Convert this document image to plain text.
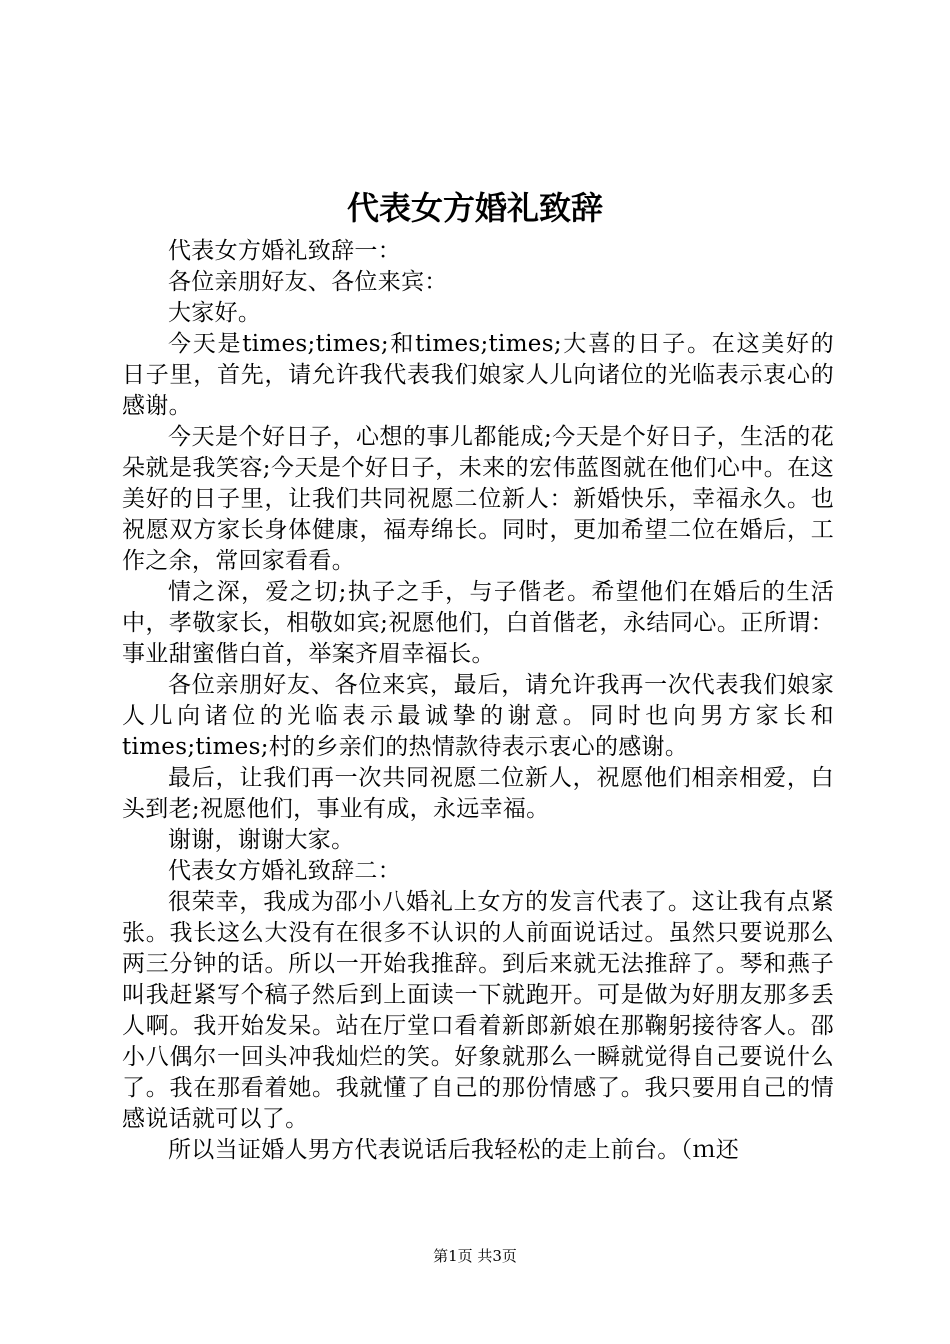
代表女方婚礼致辞

代表女方婚礼致辞一：

各位亲朋好友、各位来宾：

大家好。

今天是times;times;和times;times;大喜的日子。在这美好的日子里，首先，请允许我代表我们娘家人儿向诸位的光临表示衷心的感谢。

今天是个好日子，心想的事儿都能成;今天是个好日子，生活的花朵就是我笑容;今天是个好日子，未来的宏伟蓝图就在他们心中。在这美好的日子里，让我们共同祝愿二位新人：新婚快乐，幸福永久。也祝愿双方家长身体健康，福寿绵长。同时，更加希望二位在婚后，工作之余，常回家看看。

情之深，爱之切;执子之手，与子偕老。希望他们在婚后的生活中，孝敬家长，相敬如宾;祝愿他们，白首偕老，永结同心。正所谓：事业甜蜜偕白首，举案齐眉幸福长。

各位亲朋好友、各位来宾，最后，请允许我再一次代表我们娘家人儿向诸位的光临表示最诚挚的谢意。同时也向男方家长和times;times;村的乡亲们的热情款待表示衷心的感谢。

最后，让我们再一次共同祝愿二位新人，祝愿他们相亲相爱，白头到老;祝愿他们，事业有成，永远幸福。

谢谢，谢谢大家。

代表女方婚礼致辞二：

很荣幸，我成为邵小八婚礼上女方的发言代表了。这让我有点紧张。我长这么大没有在很多不认识的人前面说话过。虽然只要说那么两三分钟的话。所以一开始我推辞。到后来就无法推辞了。琴和燕子叫我赶紧写个稿子然后到上面读一下就跑开。可是做为好朋友那多丢人啊。我开始发呆。站在厅堂口看着新郎新娘在那鞠躬接待客人。邵小八偶尔一回头冲我灿烂的笑。好象就那么一瞬就觉得自己要说什么了。我在那看着她。我就懂了自己的那份情感了。我只要用自己的情感说话就可以了。

所以当证婚人男方代表说话后我轻松的走上前台。（ｍ还

第1页 共3页
